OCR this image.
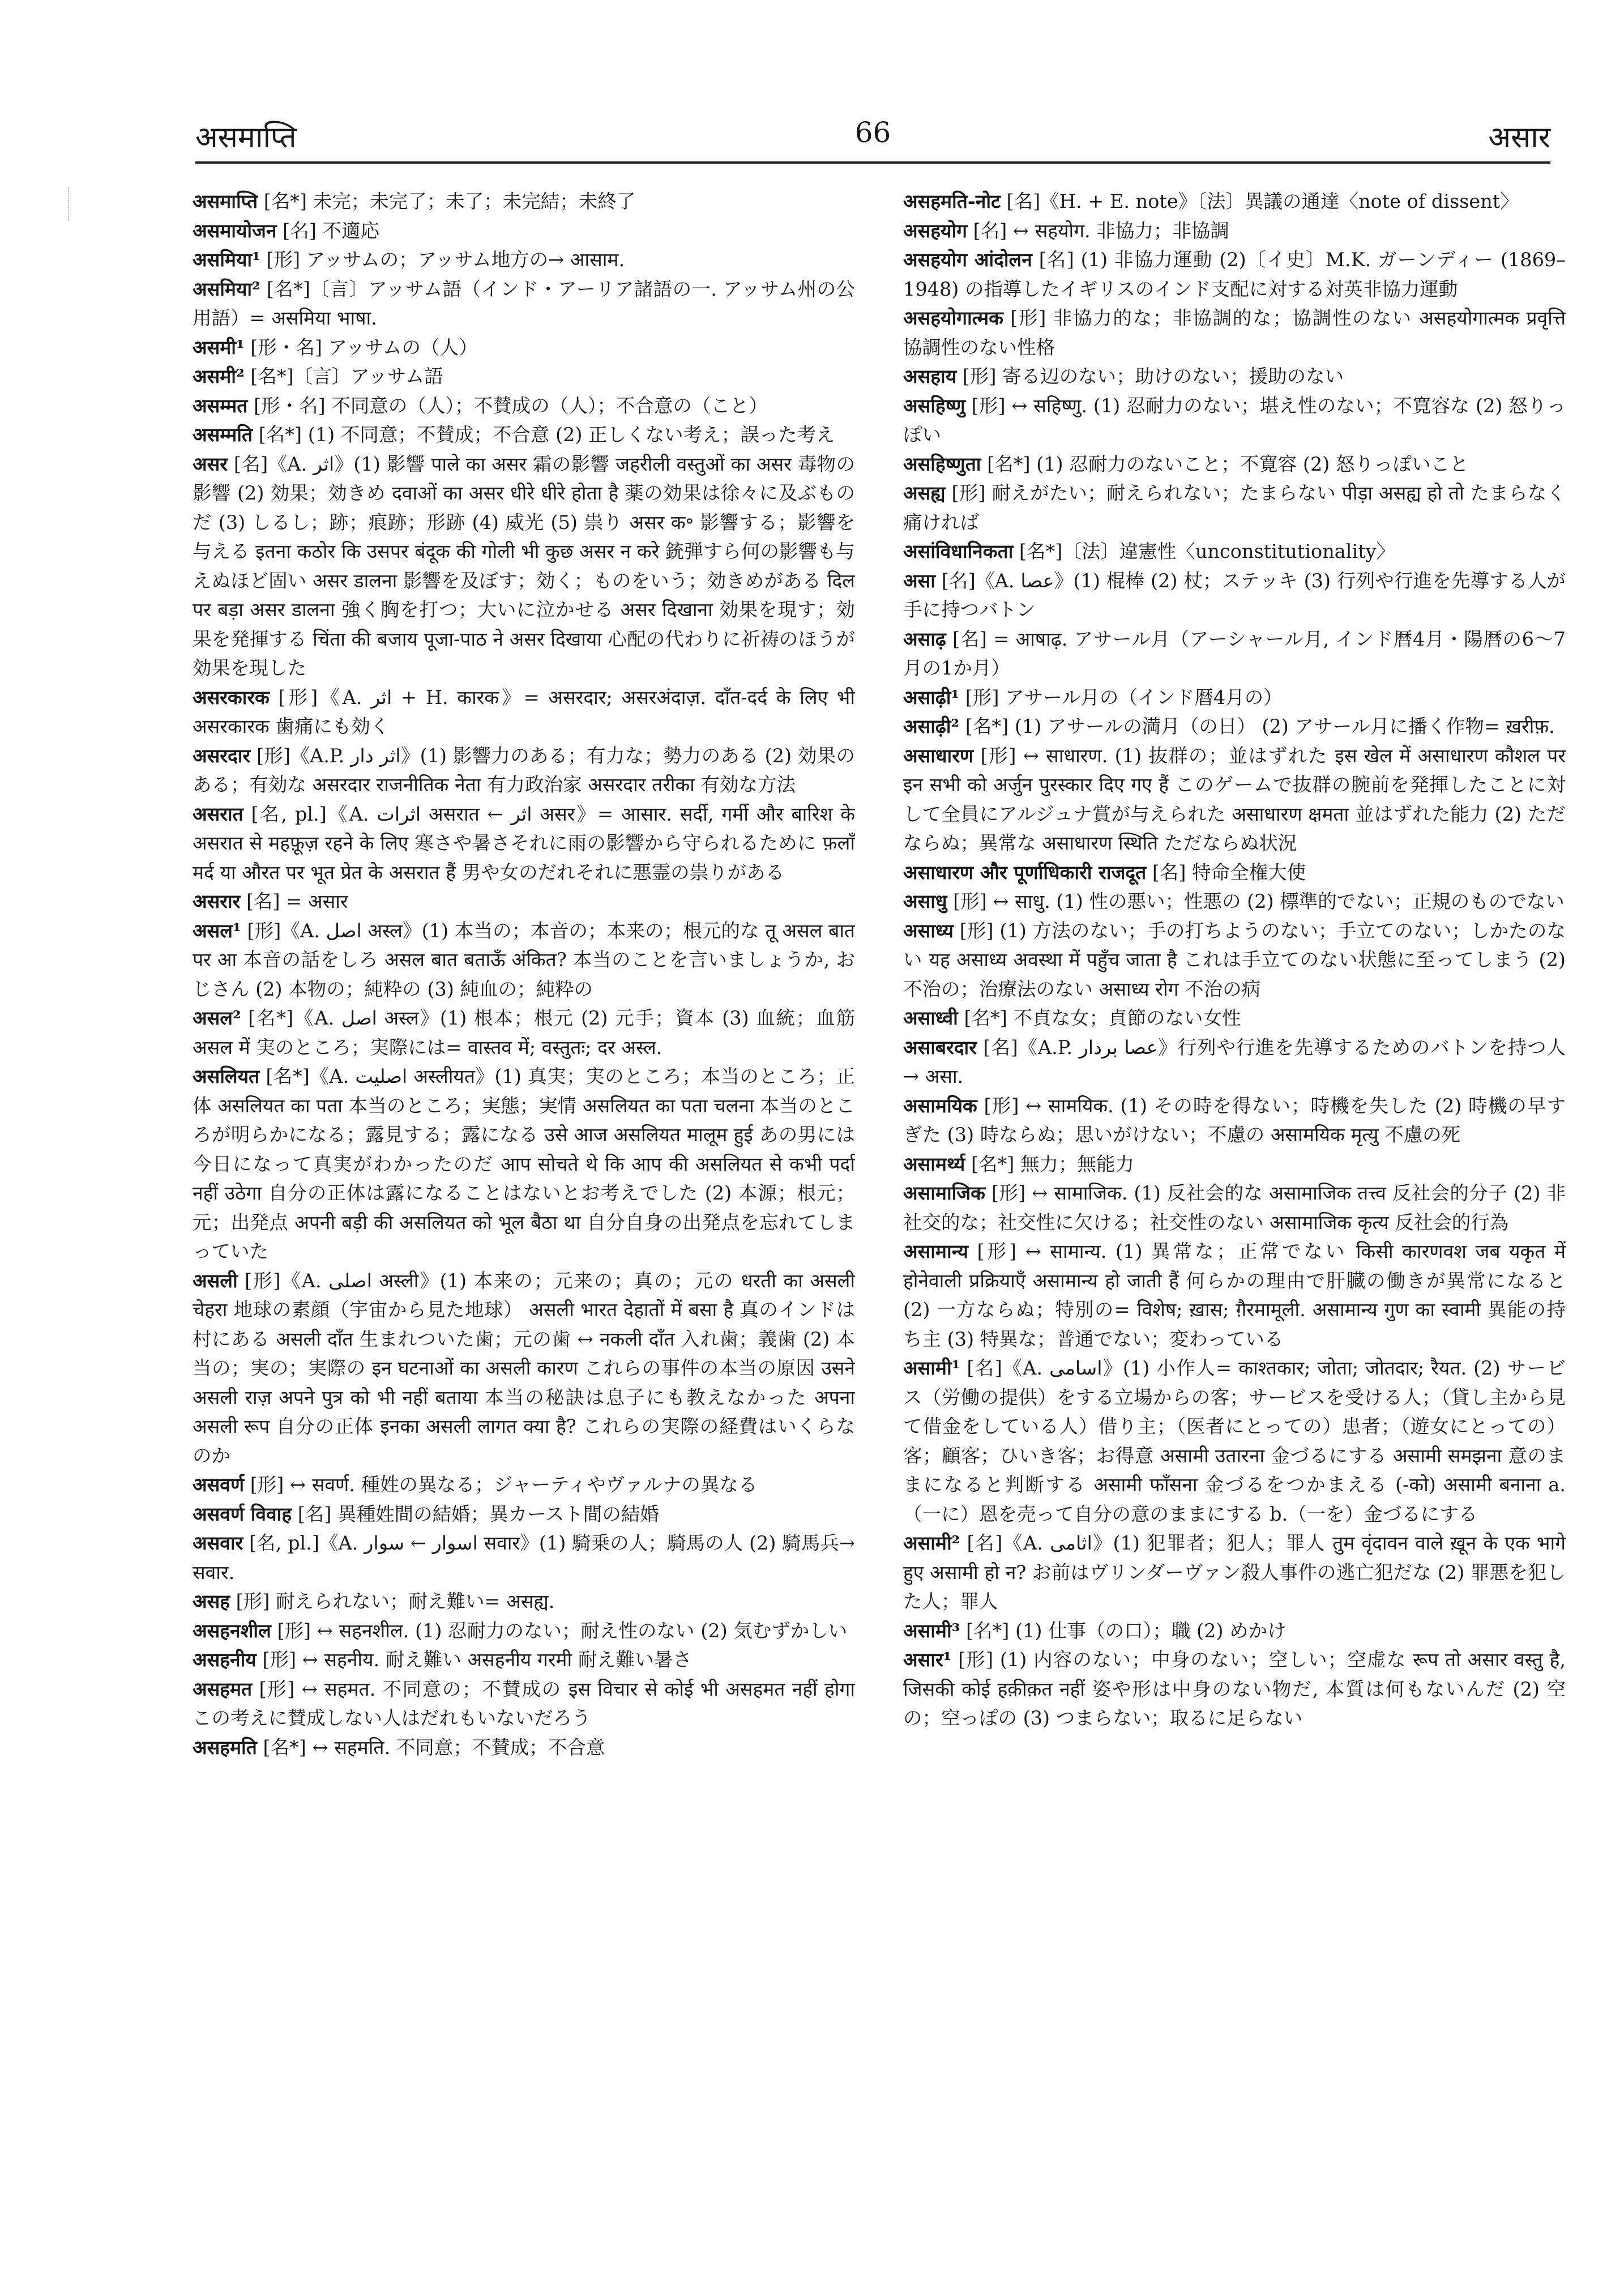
असमाप्ति	66	असार

असमाप्ति [名*] 未完；未完了；未了；未完結；未終了

असमायोजन [名] 不適応

असमिया¹ [形] アッサムの；アッサム地方の→ आसाम.

असमिया² [名*]〔言〕アッサム語（インド・アーリア諸語の一. アッサム州の公用語）= असमिया भाषा.

असमी¹ [形・名] アッサムの（人）

असमी² [名*]〔言〕アッサム語

असम्मत [形・名] 不同意の（人）；不賛成の（人）；不合意の（こと）

असम्मति [名*] (1) 不同意；不賛成；不合意 (2) 正しくない考え；誤った考え

असर [名]《A. اثر》(1) 影響 पाले का असर 霜の影響 जहरीली वस्तुओं का असर 毒物の影響 (2) 効果；効きめ दवाओं का असर धीरे धीरे होता है 薬の効果は徐々に及ぶものだ (3) しるし；跡；痕跡；形跡 (4) 威光 (5) 祟り असर क॰ 影響する；影響を与える इतना कठोर कि उसपर बंदूक की गोली भी कुछ असर न करे 銃弾すら何の影響も与えぬほど固い असर डालना 影響を及ぼす；効く；ものをいう；効きめがある दिल पर बड़ा असर डालना 強く胸を打つ；大いに泣かせる असर दिखाना 効果を現す；効果を発揮する चिंता की बजाय पूजा-पाठ ने असर दिखाया 心配の代わりに祈祷のほうが効果を現した

असरकारक [形]《A. اثر + H. कारक》= असरदार; असरअंदाज़. दाँत-दर्द के लिए भी असरकारक 歯痛にも効く

असरदार [形]《A.P. اثر دار》(1) 影響力のある；有力な；勢力のある (2) 効果のある；有効な असरदार राजनीतिक नेता 有力政治家 असरदार तरीका 有効な方法

असरात [名, pl.]《A. اثرات असरात ← اثر असर》= आसार. सर्दी, गर्मी और बारिश के असरात से महफ़ूज़ रहने के लिए 寒さや暑さそれに雨の影響から守られるために फ़लाँ मर्द या औरत पर भूत प्रेत के असरात हैं 男や女のだれそれに悪霊の祟りがある

असरार [名] = असार

असल¹ [形]《A. اصل अस्ल》(1) 本当の；本音の；本来の；根元的な तू असल बात पर आ 本音の話をしろ असल बात बताऊँ अंकित? 本当のことを言いましょうか, おじさん (2) 本物の；純粋の (3) 純血の；純粋の

असल² [名*]《A. اصل अस्ल》(1) 根本；根元 (2) 元手；資本 (3) 血統；血筋 असल में 実のところ；実際には= वास्तव में; वस्तुतः; दर अस्ल.

असलियत [名*]《A. اصلیت अस्लीयत》(1) 真実；実のところ；本当のところ；正体 असलियत का पता 本当のところ；実態；実情 असलियत का पता चलना 本当のところが明らかになる；露見する；露になる उसे आज असलियत मालूम हुई あの男には今日になって真実がわかったのだ आप सोचते थे कि आप की असलियत से कभी पर्दा नहीं उठेगा 自分の正体は露になることはないとお考えでした (2) 本源；根元；元；出発点 अपनी बड़ी की असलियत को भूल बैठा था 自分自身の出発点を忘れてしまっていた

असली [形]《A. اصلی अस्ली》(1) 本来の；元来の；真の；元の धरती का असली चेहरा 地球の素顔（宇宙から見た地球） असली भारत देहातों में बसा है 真のインドは村にある असली दाँत 生まれついた歯；元の歯 ↔ नकली दाँत 入れ歯；義歯 (2) 本当の；実の；実際の इन घटनाओं का असली कारण これらの事件の本当の原因 उसने असली राज़ अपने पुत्र को भी नहीं बताया 本当の秘訣は息子にも教えなかった अपना असली रूप 自分の正体 इनका असली लागत क्या है? これらの実際の経費はいくらなのか

असवर्ण [形] ↔ सवर्ण. 種姓の異なる；ジャーティやヴァルナの異なる

असवर्ण विवाह [名] 異種姓間の結婚；異カースト間の結婚

असवार [名, pl.]《A. اسوار ← سوار सवार》(1) 騎乗の人；騎馬の人 (2) 騎馬兵→ सवार.

असह [形] 耐えられない；耐え難い= असह्य.

असहनशील [形] ↔ सहनशील. (1) 忍耐力のない；耐え性のない (2) 気むずかしい

असहनीय [形] ↔ सहनीय. 耐え難い असहनीय गरमी 耐え難い暑さ

असहमत [形] ↔ सहमत. 不同意の；不賛成の इस विचार से कोई भी असहमत नहीं होगा この考えに賛成しない人はだれもいないだろう

असहमति [名*] ↔ सहमति. 不同意；不賛成；不合意

असहमति-नोट [名]《H. + E. note》〔法〕異議の通達〈note of dissent〉

असहयोग [名] ↔ सहयोग. 非協力；非協調

असहयोग आंदोलन [名] (1) 非協力運動 (2)〔イ史〕M.K. ガーンディー (1869–1948) の指導したイギリスのインド支配に対する対英非協力運動

असहयोगात्मक [形] 非協力的な；非協調的な；協調性のない असहयोगात्मक प्रवृत्ति 協調性のない性格

असहाय [形] 寄る辺のない；助けのない；援助のない

असहिष्णु [形] ↔ सहिष्णु. (1) 忍耐力のない；堪え性のない；不寛容な (2) 怒りっぽい

असहिष्णुता [名*] (1) 忍耐力のないこと；不寛容 (2) 怒りっぽいこと

असह्य [形] 耐えがたい；耐えられない；たまらない पीड़ा असह्य हो तो たまらなく痛ければ

असांविधानिकता [名*]〔法〕違憲性〈unconstitutionality〉

असा [名]《A. عصا》(1) 棍棒 (2) 杖；ステッキ (3) 行列や行進を先導する人が手に持つバトン

असाढ़ [名] = आषाढ़. アサール月（アーシャール月, インド暦4月・陽暦の6〜7月の1か月）

असाढ़ी¹ [形] アサール月の（インド暦4月の）

असाढ़ी² [名*] (1) アサールの満月（の日） (2) アサール月に播く作物= ख़रीफ़.

असाधारण [形] ↔ साधारण. (1) 抜群の；並はずれた इस खेल में असाधारण कौशल पर इन सभी को अर्जुन पुरस्कार दिए गए हैं このゲームで抜群の腕前を発揮したことに対して全員にアルジュナ賞が与えられた असाधारण क्षमता 並はずれた能力 (2) ただならぬ；異常な असाधारण स्थिति ただならぬ状況

असाधारण और पूर्णाधिकारी राजदूत [名] 特命全権大使

असाधु [形] ↔ साधु. (1) 性の悪い；性悪の (2) 標準的でない；正規のものでない

असाध्य [形] (1) 方法のない；手の打ちようのない；手立てのない；しかたのない यह असाध्य अवस्था में पहुँच जाता है これは手立てのない状態に至ってしまう (2) 不治の；治療法のない असाध्य रोग 不治の病

असाध्वी [名*] 不貞な女；貞節のない女性

असाबरदार [名]《A.P. عصا بردار》行列や行進を先導するためのバトンを持つ人→ असा.

असामयिक [形] ↔ सामयिक. (1) その時を得ない；時機を失した (2) 時機の早すぎた (3) 時ならぬ；思いがけない；不慮の असामयिक मृत्यु 不慮の死

असामर्थ्य [名*] 無力；無能力

असामाजिक [形] ↔ सामाजिक. (1) 反社会的な असामाजिक तत्त्व 反社会的分子 (2) 非社交的な；社交性に欠ける；社交性のない असामाजिक कृत्य 反社会的行為

असामान्य [形] ↔ सामान्य. (1) 異常な；正常でない किसी कारणवश जब यकृत में होनेवाली प्रक्रियाएँ असामान्य हो जाती हैं 何らかの理由で肝臓の働きが異常になると (2) 一方ならぬ；特別の= विशेष; ख़ास; ग़ैरमामूली. असामान्य गुण का स्वामी 異能の持ち主 (3) 特異な；普通でない；変わっている

असामी¹ [名]《A. اسامی》(1) 小作人= काश्तकार; जोता; जोतदार; रैयत. (2) サービス（労働の提供）をする立場からの客；サービスを受ける人；（貸し主から見て借金をしている人）借り主；（医者にとっての）患者；（遊女にとっての）客；顧客；ひいき客；お得意 असामी उतारना 金づるにする असामी समझना 意のままになると判断する असामी फाँसना 金づるをつかまえる (-को) असामी बनाना a.（一に）恩を売って自分の意のままにする b.（一を）金づるにする

असामी² [名]《A. اثامی》(1) 犯罪者；犯人；罪人 तुम वृंदावन वाले ख़ून के एक भागे हुए असामी हो न? お前はヴリンダーヴァン殺人事件の逃亡犯だな (2) 罪悪を犯した人；罪人

असामी³ [名*] (1) 仕事（の口）；職 (2) めかけ

असार¹ [形] (1) 内容のない；中身のない；空しい；空虚な रूप तो असार वस्तु है, जिसकी कोई हक़ीक़त नहीं 姿や形は中身のない物だ, 本質は何もないんだ (2) 空の；空っぽの (3) つまらない；取るに足らない
